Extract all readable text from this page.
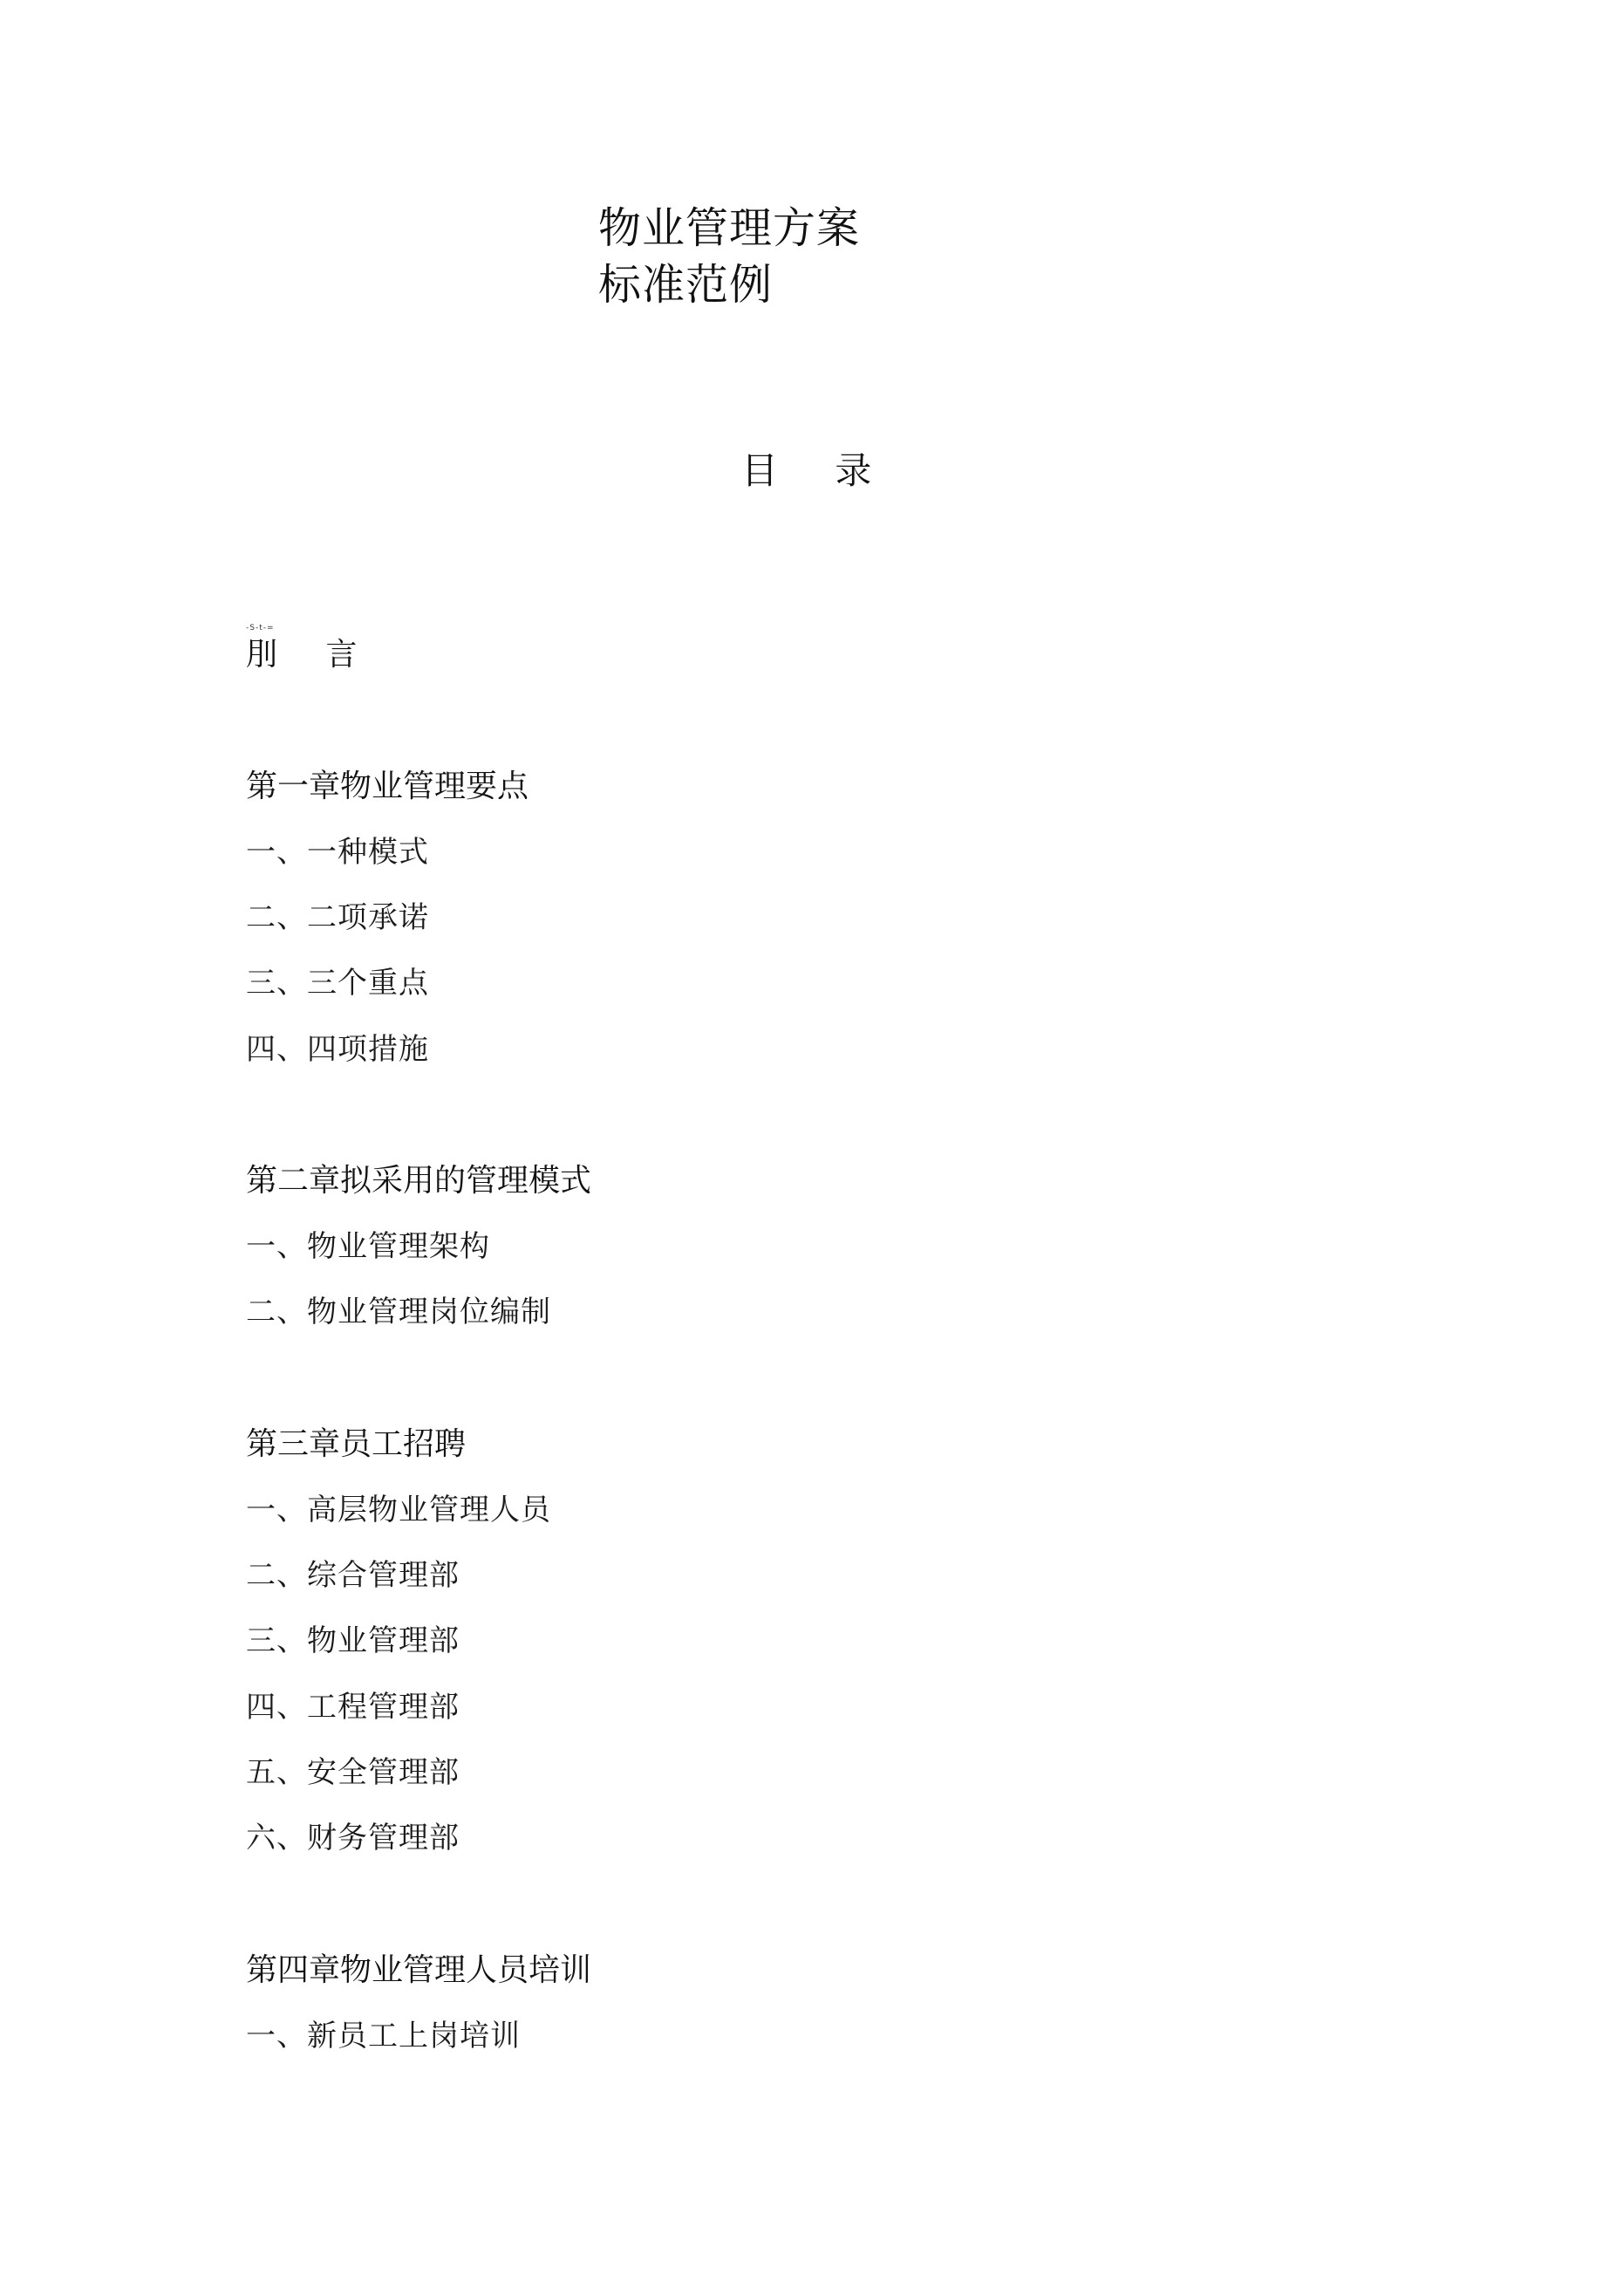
物业管理方案
标准范例
目 录
-S-t-=
刖 言
第一章物业管理要点
一、一种模式
二、二项承诺
三、三个重点
四、四项措施
第二章拟采用的管理模式
一、物业管理架构
二、物业管理岗位编制
第三章员工招聘
一、高层物业管理人员
二、综合管理部
三、物业管理部
四、工程管理部
五、安全管理部
六、财务管理部
第四章物业管理人员培训
一、新员工上岗培训
